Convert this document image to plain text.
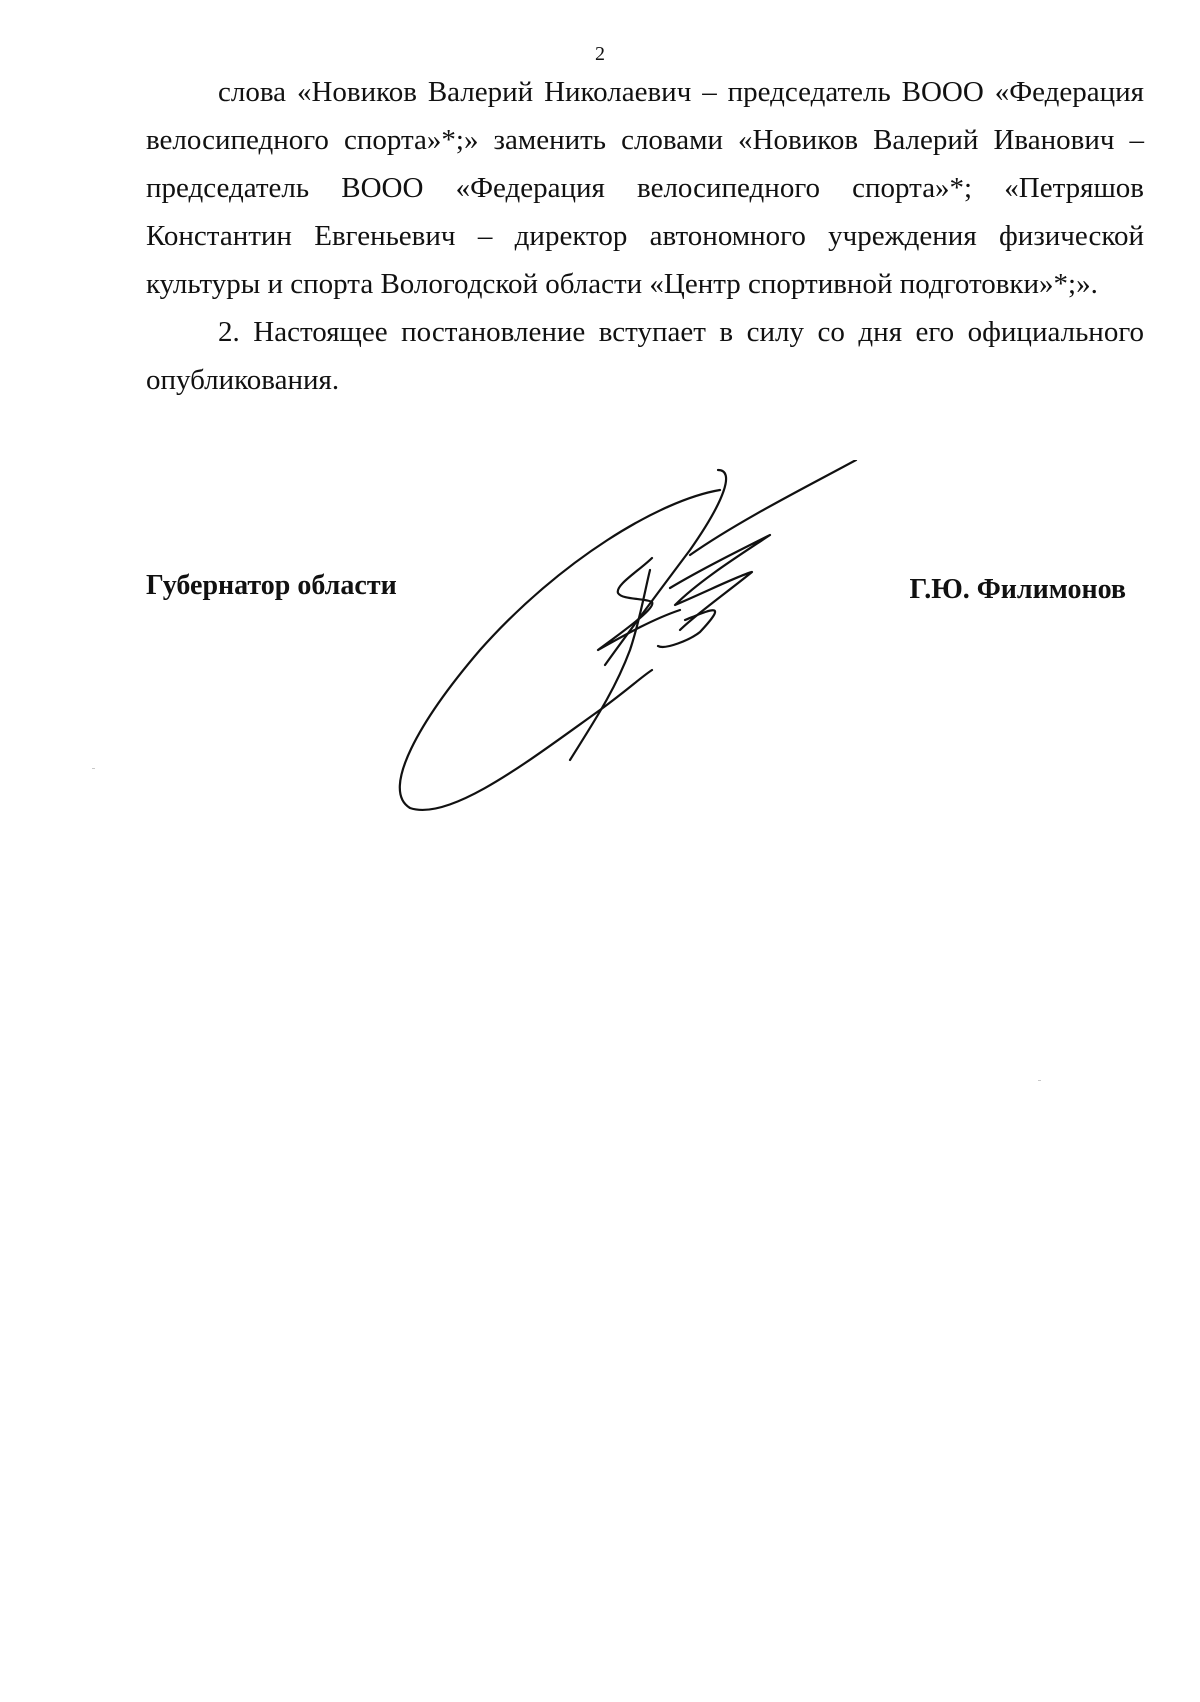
2

слова «Новиков Валерий Николаевич – председатель ВООО «Федерация велосипедного спорта»*;» заменить словами «Новиков Валерий Иванович – председатель ВООО «Федерация велосипедного спорта»*; «Петряшов Константин Евгеньевич – директор автономного учреждения физической культуры и спорта Вологодской области «Центр спортивной подготовки»*;».

2. Настоящее постановление вступает в силу со дня его официального опубликования.

Губернатор области	Г.Ю. Филимонов
